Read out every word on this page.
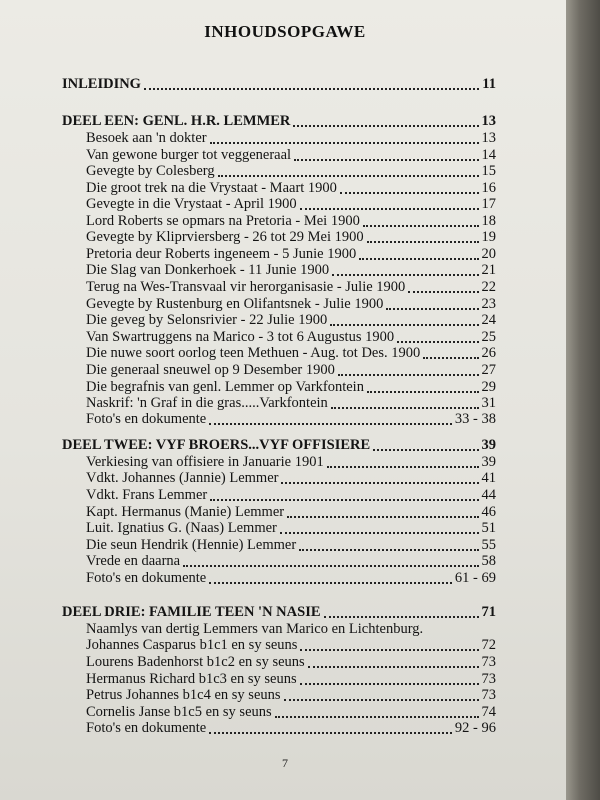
INHOUDSOPGAWE
INLEIDING	11
DEEL EEN: GENL. H.R. LEMMER	13
Besoek aan 'n dokter	13
Van gewone burger tot veggeneraal	14
Gevegte by Colesberg	15
Die groot trek na die Vrystaat - Maart 1900	16
Gevegte in die Vrystaat - April 1900	17
Lord Roberts se opmars na Pretoria - Mei 1900	18
Gevegte by Kliprviersberg - 26 tot 29 Mei 1900	19
Pretoria deur Roberts ingeneem - 5 Junie 1900	20
Die Slag van Donkerhoek - 11 Junie 1900	21
Terug na Wes-Transvaal vir herorganisasie - Julie 1900	22
Gevegte by Rustenburg en Olifantsnek - Julie 1900	23
Die geveg by Selonsrivier - 22 Julie 1900	24
Van Swartruggens na Marico - 3 tot 6 Augustus 1900	25
Die nuwe soort oorlog teen Methuen - Aug. tot Des. 1900	26
Die generaal sneuwel op 9 Desember 1900	27
Die begrafnis van genl. Lemmer op Varkfontein	29
Naskrif: 'n Graf in die gras.....Varkfontein	31
Foto's en dokumente	33 - 38
DEEL TWEE: VYF BROERS...VYF OFFISIERE	39
Verkiesing van offisiere in Januarie 1901	39
Vdkt. Johannes (Jannie) Lemmer	41
Vdkt. Frans Lemmer	44
Kapt. Hermanus (Manie) Lemmer	46
Luit. Ignatius G. (Naas) Lemmer	51
Die seun Hendrik (Hennie) Lemmer	55
Vrede en daarna	58
Foto's en dokumente	61 - 69
DEEL DRIE: FAMILIE TEEN 'N NASIE	71
Naamlys van dertig Lemmers van Marico en Lichtenburg.
Johannes Casparus b1c1 en sy seuns	72
Lourens Badenhorst b1c2 en sy seuns	73
Hermanus Richard b1c3 en sy seuns	73
Petrus Johannes b1c4 en sy seuns	73
Cornelis Janse b1c5 en sy seuns	74
Foto's en dokumente	92 - 96
7
